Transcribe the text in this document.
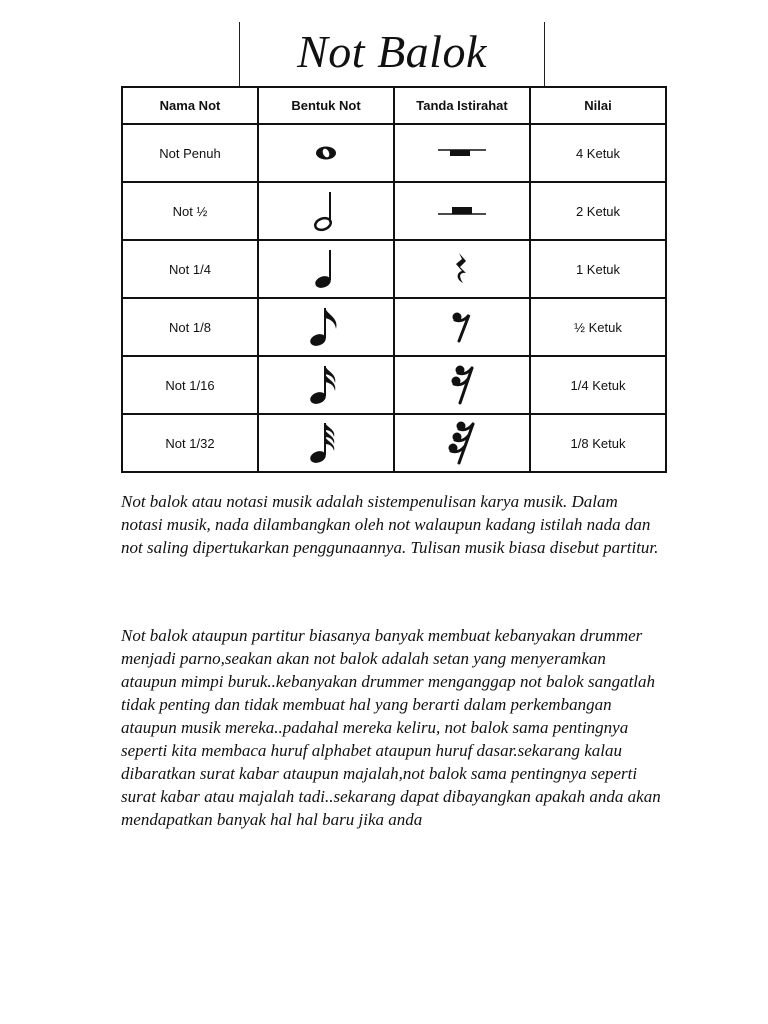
Not Balok
Nama Not	Bentuk Not	Tanda Istirahat	Nilai
Not Penuh			4 Ketuk
Not ½			2 Ketuk
Not 1/4			1 Ketuk
Not 1/8			½ Ketuk
Not 1/16			1/4 Ketuk
Not 1/32			1/8 Ketuk

Not balok atau notasi musik adalah sistempenulisan karya musik. Dalam notasi musik, nada dilambangkan oleh not walaupun kadang istilah nada dan not saling dipertukarkan penggunaannya. Tulisan musik biasa disebut partitur.

Not balok ataupun partitur biasanya banyak membuat kebanyakan drummer menjadi parno,seakan akan not balok adalah setan yang menyeramkan ataupun mimpi buruk..kebanyakan drummer menganggap not balok sangatlah tidak penting dan tidak membuat hal yang berarti dalam perkembangan ataupun musik mereka..padahal mereka keliru, not balok sama pentingnya seperti kita membaca huruf alphabet ataupun huruf dasar.sekarang kalau dibaratkan surat kabar ataupun majalah,not balok sama pentingnya seperti surat kabar atau majalah tadi..sekarang dapat dibayangkan apakah anda akan mendapatkan banyak hal hal baru jika anda
